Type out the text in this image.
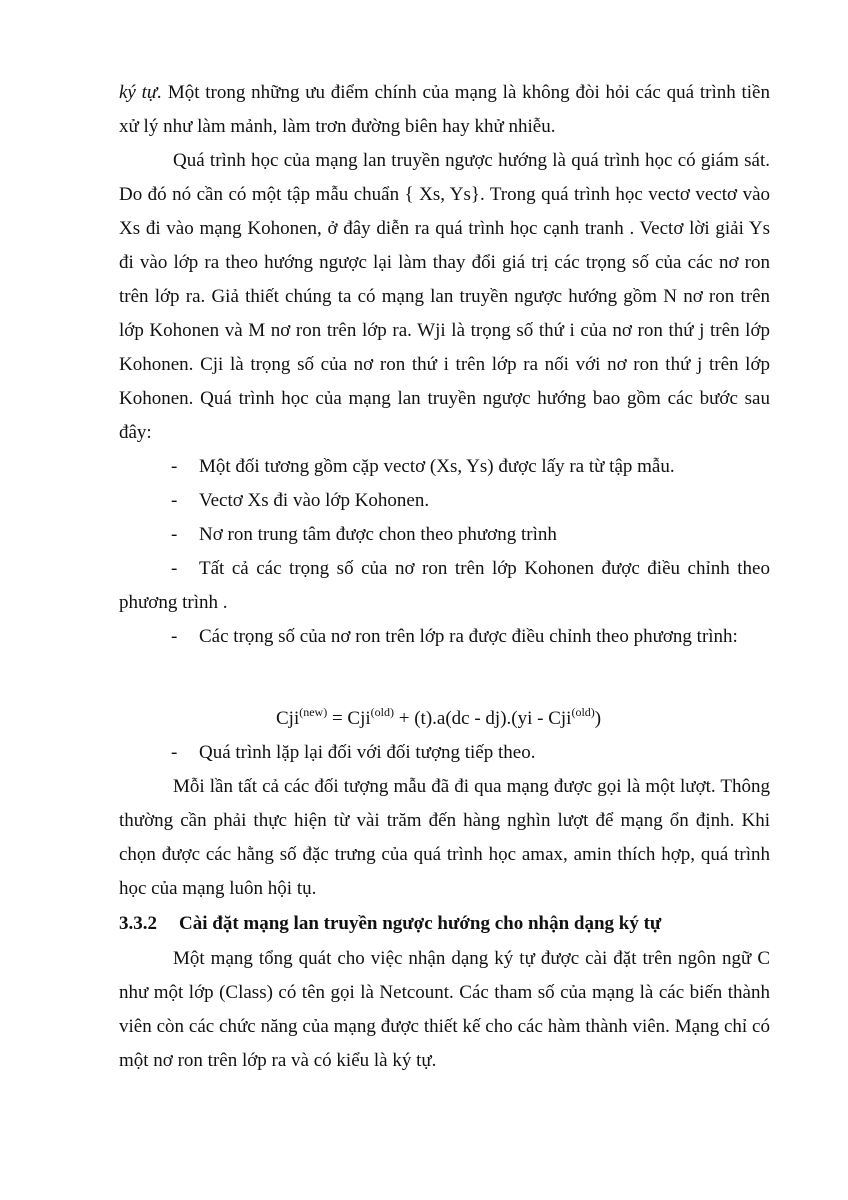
ký tự. Một trong những ưu điểm chính của mạng là không đòi hỏi các quá trình tiền xử lý như làm mảnh, làm trơn đường biên hay khử nhiễu.

Quá trình học của mạng lan truyền ngược hướng là quá trình học có giám sát. Do đó nó cần có một tập mẫu chuẩn { Xs, Ys}. Trong quá trình học vectơ vectơ vào Xs đi vào mạng Kohonen, ở đây diễn ra quá trình học cạnh tranh . Vectơ lời giải Ys đi vào lớp ra theo hướng ngược lại làm thay đổi giá trị các trọng số của các nơ ron trên lớp ra. Giả thiết chúng ta có mạng lan truyền ngược hướng gồm N nơ ron trên lớp Kohonen và M nơ ron trên lớp ra. Wji là trọng số thứ i của nơ ron thứ j trên lớp Kohonen. Cji là trọng số của nơ ron thứ i trên lớp ra nối với nơ ron thứ j trên lớp Kohonen. Quá trình học của mạng lan truyền ngược hướng bao gồm các bước sau đây:

- Một đối tương gồm cặp vectơ (Xs, Ys) được lấy ra từ tập mẫu.

- Vectơ Xs đi vào lớp Kohonen.

- Nơ ron trung tâm được chon theo phương trình

- Tất cả các trọng số của nơ ron trên lớp Kohonen được điều chỉnh theo phương trình .

- Các trọng số của nơ ron trên lớp ra được điều chỉnh theo phương trình:

Cji$^{(new)}$ = Cji$^{(old)}$ + (t).a(dc - dj).(yi - Cji$^{(old)}$)

- Quá trình lặp lại đối với đối tượng tiếp theo.

Mỗi lần tất cả các đối tượng mẫu đã đi qua mạng được gọi là một lượt. Thông thường cần phải thực hiện từ vài trăm đến hàng nghìn lượt để mạng ổn định. Khi chọn được các hằng số đặc trưng của quá trình học amax, amin thích hợp, quá trình học của mạng luôn hội tụ.

3.3.2 Cài đặt mạng lan truyền ngược hướng cho nhận dạng ký tự

Một mạng tổng quát cho việc nhận dạng ký tự được cài đặt trên ngôn ngữ C như một lớp (Class) có tên gọi là Netcount. Các tham số của mạng là các biến thành viên còn các chức năng của mạng được thiết kế cho các hàm thành viên. Mạng chỉ có một nơ ron trên lớp ra và có kiểu là ký tự.
